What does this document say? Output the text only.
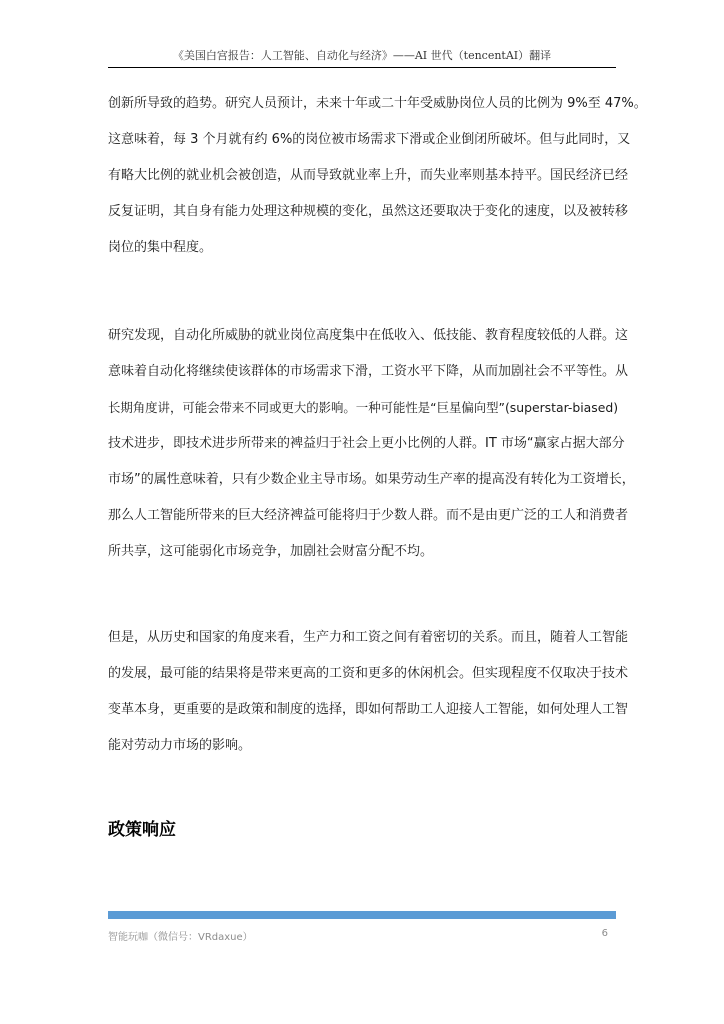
《美国白宫报告：人工智能、自动化与经济》——AI 世代（tencentAI）翻译
创新所导致的趋势。研究人员预计，未来十年或二十年受威胁岗位人员的比例为 9%至 47%。
这意味着，每 3 个月就有约 6%的岗位被市场需求下滑或企业倒闭所破坏。但与此同时，又
有略大比例的就业机会被创造，从而导致就业率上升，而失业率则基本持平。国民经济已经
反复证明，其自身有能力处理这种规模的变化，虽然这还要取决于变化的速度，以及被转移
岗位的集中程度。
研究发现，自动化所威胁的就业岗位高度集中在低收入、低技能、教育程度较低的人群。这
意味着自动化将继续使该群体的市场需求下滑，工资水平下降，从而加剧社会不平等性。从
长期角度讲，可能会带来不同或更大的影响。一种可能性是“巨星偏向型”(superstar-biased)
技术进步，即技术进步所带来的裨益归于社会上更小比例的人群。IT 市场“赢家占据大部分
市场”的属性意味着，只有少数企业主导市场。如果劳动生产率的提高没有转化为工资增长，
那么人工智能所带来的巨大经济裨益可能将归于少数人群。而不是由更广泛的工人和消费者
所共享，这可能弱化市场竞争，加剧社会财富分配不均。
但是，从历史和国家的角度来看，生产力和工资之间有着密切的关系。而且，随着人工智能
的发展，最可能的结果将是带来更高的工资和更多的休闲机会。但实现程度不仅取决于技术
变革本身，更重要的是政策和制度的选择，即如何帮助工人迎接人工智能，如何处理人工智
能对劳动力市场的影响。
政策响应
智能玩咖（微信号：VRdaxue）	6
